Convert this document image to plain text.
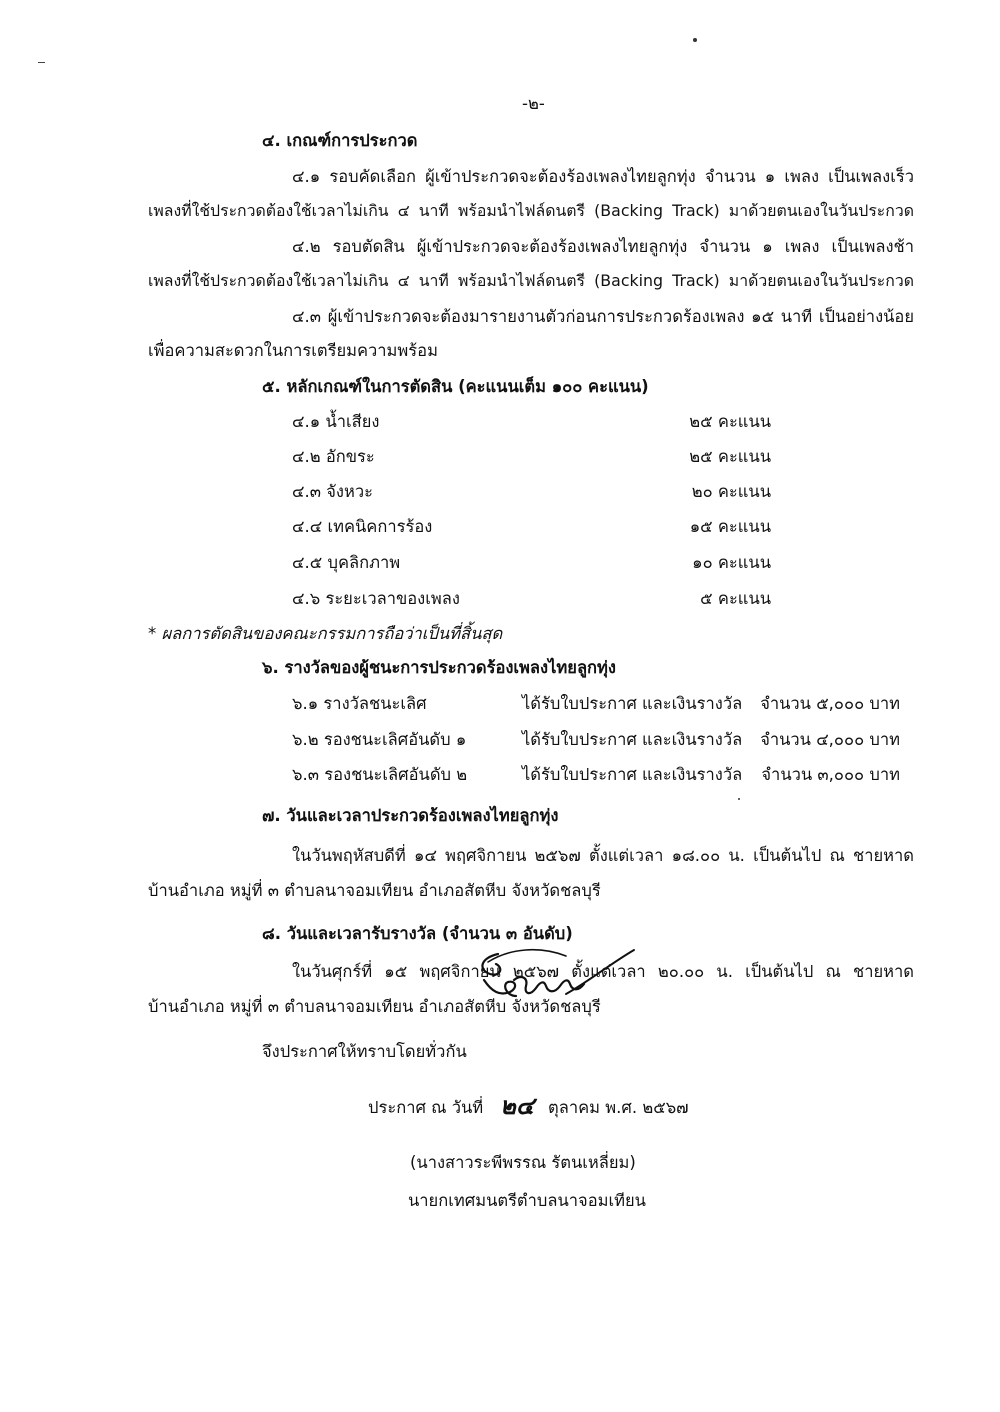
-๒-
๔. เกณฑ์การประกวด
๔.๑ รอบคัดเลือก ผู้เข้าประกวดจะต้องร้องเพลงไทยลูกทุ่ง จำนวน ๑ เพลง เป็นเพลงเร็ว
เพลงที่ใช้ประกวดต้องใช้เวลาไม่เกิน ๔ นาที พร้อมนำไฟล์ดนตรี (Backing Track) มาด้วยตนเองในวันประกวด
๔.๒ รอบตัดสิน ผู้เข้าประกวดจะต้องร้องเพลงไทยลูกทุ่ง จำนวน ๑ เพลง เป็นเพลงช้า
เพลงที่ใช้ประกวดต้องใช้เวลาไม่เกิน ๔ นาที พร้อมนำไฟล์ดนตรี (Backing Track) มาด้วยตนเองในวันประกวด
๔.๓ ผู้เข้าประกวดจะต้องมารายงานตัวก่อนการประกวดร้องเพลง ๑๕ นาที เป็นอย่างน้อย
เพื่อความสะดวกในการเตรียมความพร้อม
๕. หลักเกณฑ์ในการตัดสิน (คะแนนเต็ม ๑๐๐ คะแนน)
๔.๑ น้ำเสียง	๒๕ คะแนน
๔.๒ อักขระ	๒๕ คะแนน
๔.๓ จังหวะ	๒๐ คะแนน
๔.๔ เทคนิคการร้อง	๑๕ คะแนน
๔.๕ บุคลิกภาพ	๑๐ คะแนน
๔.๖ ระยะเวลาของเพลง	๕ คะแนน
* ผลการตัดสินของคณะกรรมการถือว่าเป็นที่สิ้นสุด
๖. รางวัลของผู้ชนะการประกวดร้องเพลงไทยลูกทุ่ง
๖.๑ รางวัลชนะเลิศ	ได้รับใบประกาศ และเงินรางวัล จำนวน ๕,๐๐๐ บาท
๖.๒ รองชนะเลิศอันดับ ๑	ได้รับใบประกาศ และเงินรางวัล จำนวน ๔,๐๐๐ บาท
๖.๓ รองชนะเลิศอันดับ ๒	ได้รับใบประกาศ และเงินรางวัล จำนวน ๓,๐๐๐ บาท
๗. วันและเวลาประกวดร้องเพลงไทยลูกทุ่ง
ในวันพฤหัสบดีที่ ๑๔ พฤศจิกายน ๒๕๖๗ ตั้งแต่เวลา ๑๘.๐๐ น. เป็นต้นไป ณ ชายหาด
บ้านอำเภอ หมู่ที่ ๓ ตำบลนาจอมเทียน อำเภอสัตหีบ จังหวัดชลบุรี
๘. วันและเวลารับรางวัล (จำนวน ๓ อันดับ)
ในวันศุกร์ที่ ๑๕ พฤศจิกายน ๒๕๖๗ ตั้งแต่เวลา ๒๐.๐๐ น. เป็นต้นไป ณ ชายหาด
บ้านอำเภอ หมู่ที่ ๓ ตำบลนาจอมเทียน อำเภอสัตหีบ จังหวัดชลบุรี
จึงประกาศให้ทราบโดยทั่วกัน
ประกาศ ณ วันที่ ๒๔ ตุลาคม พ.ศ. ๒๕๖๗
(นางสาวระพีพรรณ รัตนเหลี่ยม)
นายกเทศมนตรีตำบลนาจอมเทียน
